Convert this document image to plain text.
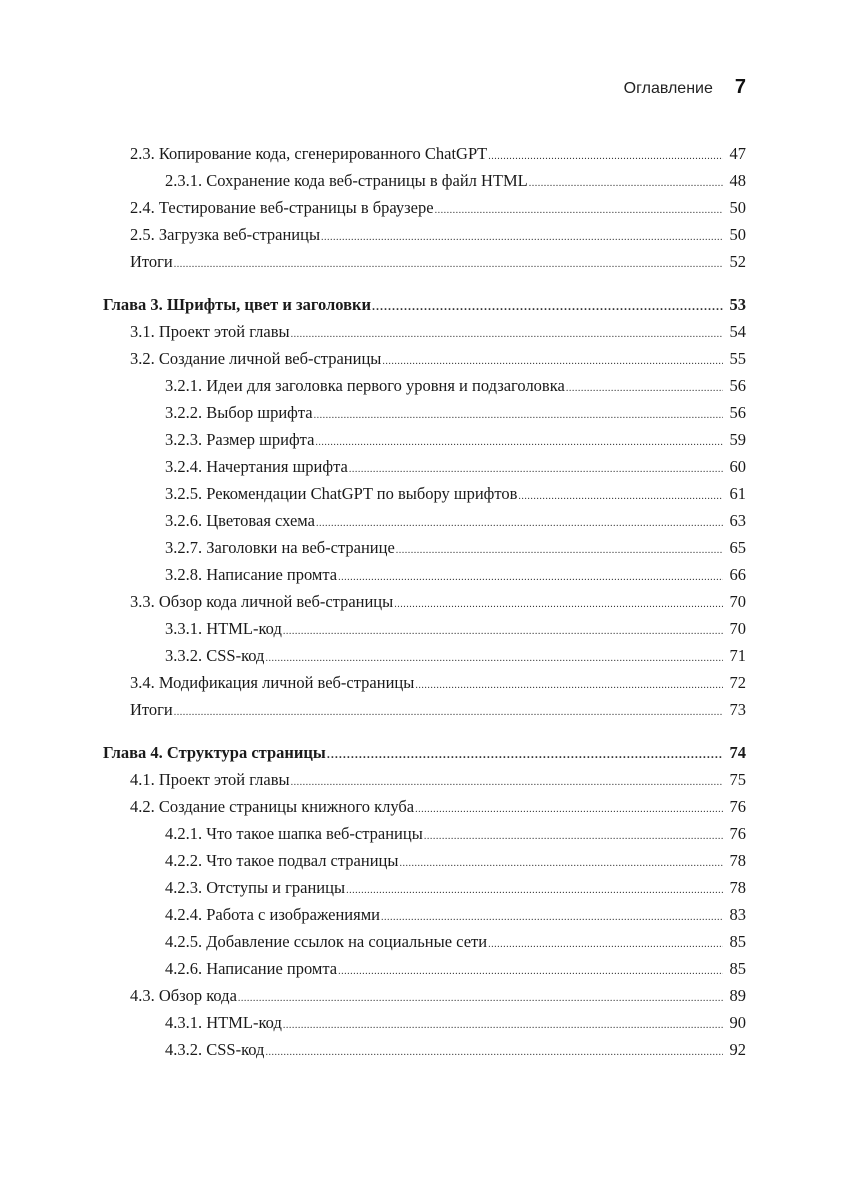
Оглавление 7
2.3. Копирование кода, сгенерированного ChatGPT .....	47
2.3.1. Сохранение кода веб-страницы в файл HTML .....	48
2.4. Тестирование веб-страницы в браузере .....	50
2.5. Загрузка веб-страницы .....	50
Итоги .....	52
Глава 3. Шрифты, цвет и заголовки .....	53
3.1. Проект этой главы .....	54
3.2. Создание личной веб-страницы .....	55
3.2.1. Идеи для заголовка первого уровня и подзаголовка .....	56
3.2.2. Выбор шрифта .....	56
3.2.3. Размер шрифта .....	59
3.2.4. Начертания шрифта .....	60
3.2.5. Рекомендации ChatGPT по выбору шрифтов .....	61
3.2.6. Цветовая схема .....	63
3.2.7. Заголовки на веб-странице .....	65
3.2.8. Написание промта .....	66
3.3. Обзор кода личной веб-страницы .....	70
3.3.1. HTML-код .....	70
3.3.2. CSS-код .....	71
3.4. Модификация личной веб-страницы .....	72
Итоги .....	73
Глава 4. Структура страницы .....	74
4.1. Проект этой главы .....	75
4.2. Создание страницы книжного клуба .....	76
4.2.1. Что такое шапка веб-страницы .....	76
4.2.2. Что такое подвал страницы .....	78
4.2.3. Отступы и границы .....	78
4.2.4. Работа с изображениями .....	83
4.2.5. Добавление ссылок на социальные сети .....	85
4.2.6. Написание промта .....	85
4.3. Обзор кода .....	89
4.3.1. HTML-код .....	90
4.3.2. CSS-код .....	92
